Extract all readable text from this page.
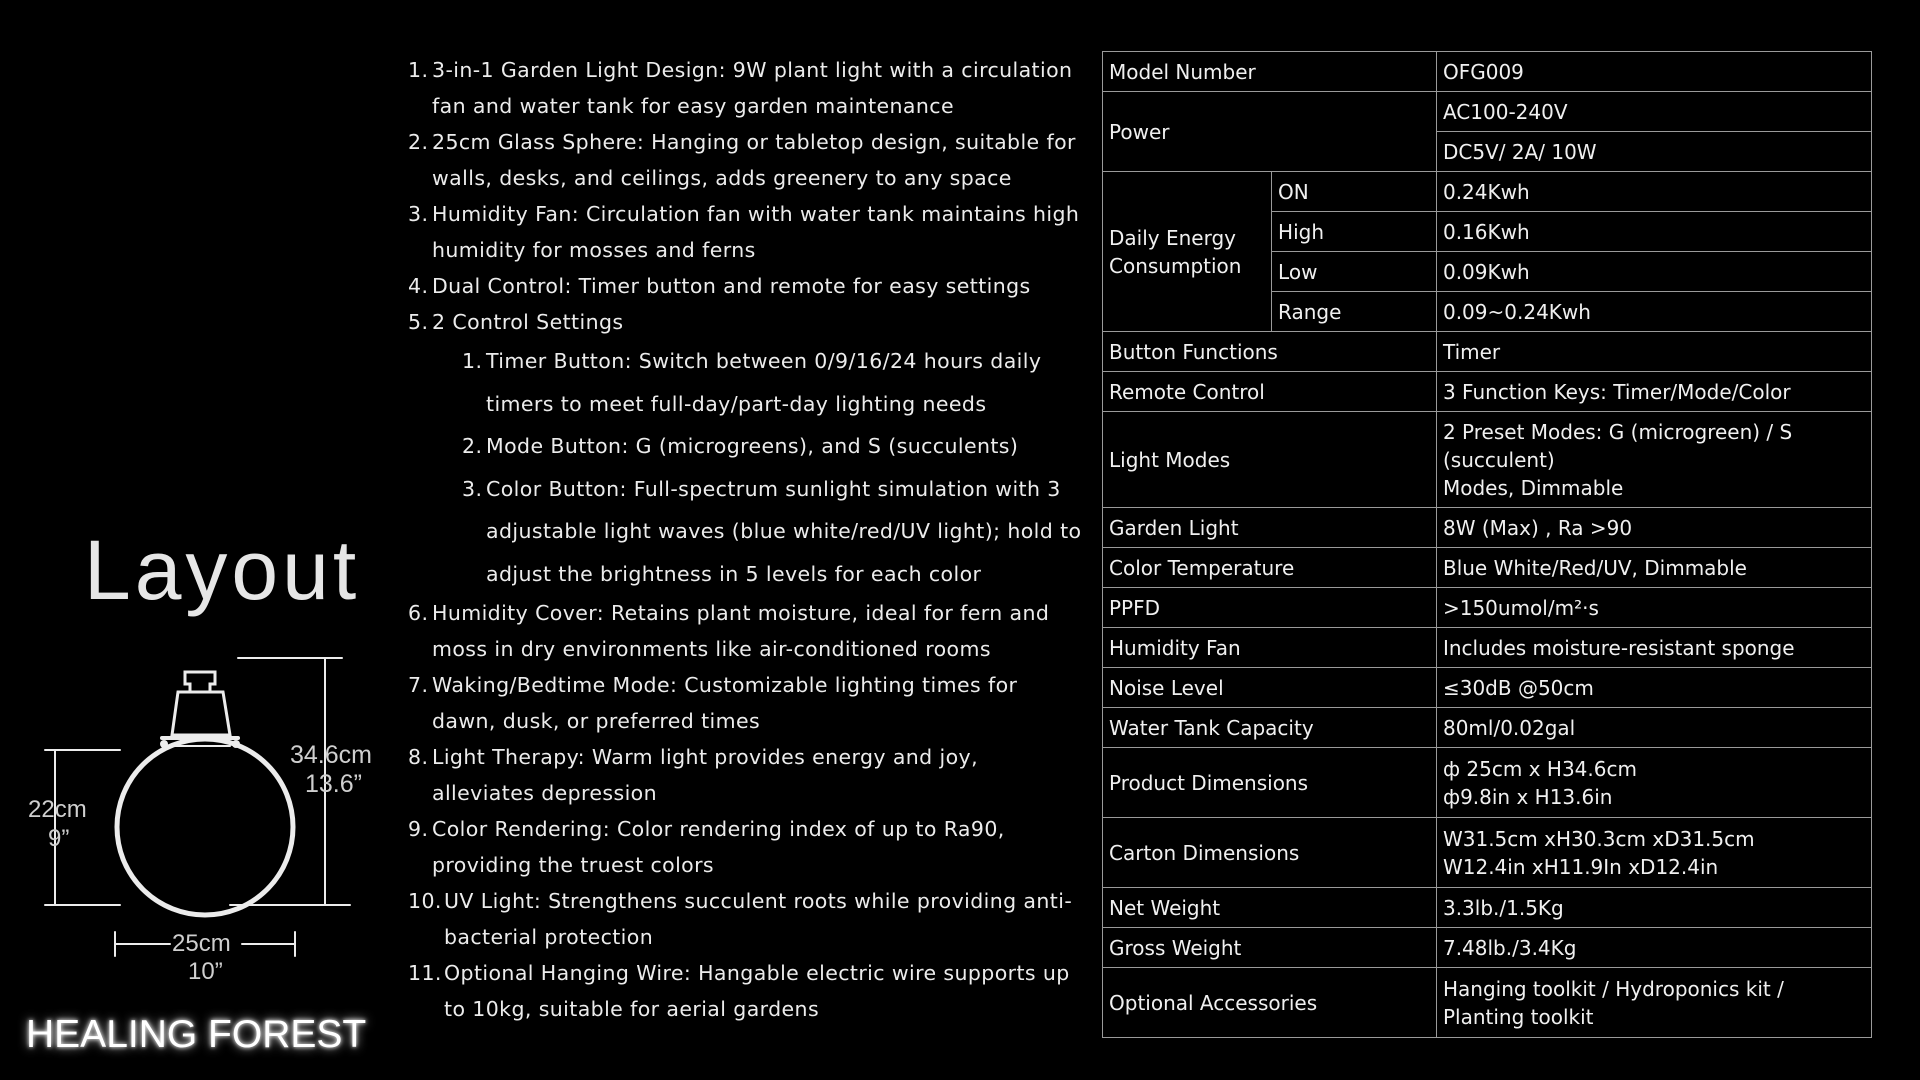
Layout
34.6cm
13.6”
22cm
9”
25cm
10”
HEALING FOREST
1. 3-in-1 Garden Light Design: 9W plant light with a circulation fan and water tank for easy garden maintenance
2. 25cm Glass Sphere: Hanging or tabletop design, suitable for walls, desks, and ceilings, adds greenery to any space
3. Humidity Fan: Circulation fan with water tank maintains high humidity for mosses and ferns
4. Dual Control: Timer button and remote for easy settings
5. 2 Control Settings
1. Timer Button: Switch between 0/9/16/24 hours daily timers to meet full-day/part-day lighting needs
2. Mode Button: G (microgreens), and S (succulents)
3. Color Button: Full-spectrum sunlight simulation with 3 adjustable light waves (blue white/red/UV light); hold to adjust the brightness in 5 levels for each color
6. Humidity Cover: Retains plant moisture, ideal for fern and moss in dry environments like air-conditioned rooms
7. Waking/Bedtime Mode: Customizable lighting times for dawn, dusk, or preferred times
8. Light Therapy: Warm light provides energy and joy, alleviates depression
9. Color Rendering: Color rendering index of up to Ra90, providing the truest colors
10. UV Light: Strengthens succulent roots while providing anti-bacterial protection
11. Optional Hanging Wire: Hangable electric wire supports up to 10kg, suitable for aerial gardens
Model Number		OFG009
Power		AC100-240V
		DC5V/ 2A/ 10W
Daily Energy Consumption	ON	0.24Kwh
	High	0.16Kwh
	Low	0.09Kwh
	Range	0.09~0.24Kwh
Button Functions		Timer
Remote Control		3 Function Keys: Timer/Mode/Color
Light Modes		2 Preset Modes: G (microgreen) / S (succulent)
Modes, Dimmable

Garden Light		8W (Max) , Ra >90
Color Temperature		Blue White/Red/UV, Dimmable
PPFD		>150umol/m²·s
Humidity Fan		Includes moisture-resistant sponge
Noise Level		≤30dB @50cm
Water Tank Capacity		80ml/0.02gal
Product Dimensions		ф 25cm x H34.6cm
ф9.8in x H13.6in

Carton Dimensions		W31.5cm xH30.3cm xD31.5cm
W12.4in xH11.9In xD12.4in

Net Weight		3.3lb./1.5Kg
Gross Weight		7.48lb./3.4Kg
Optional Accessories		Hanging toolkit / Hydroponics kit /
Planting toolkit
